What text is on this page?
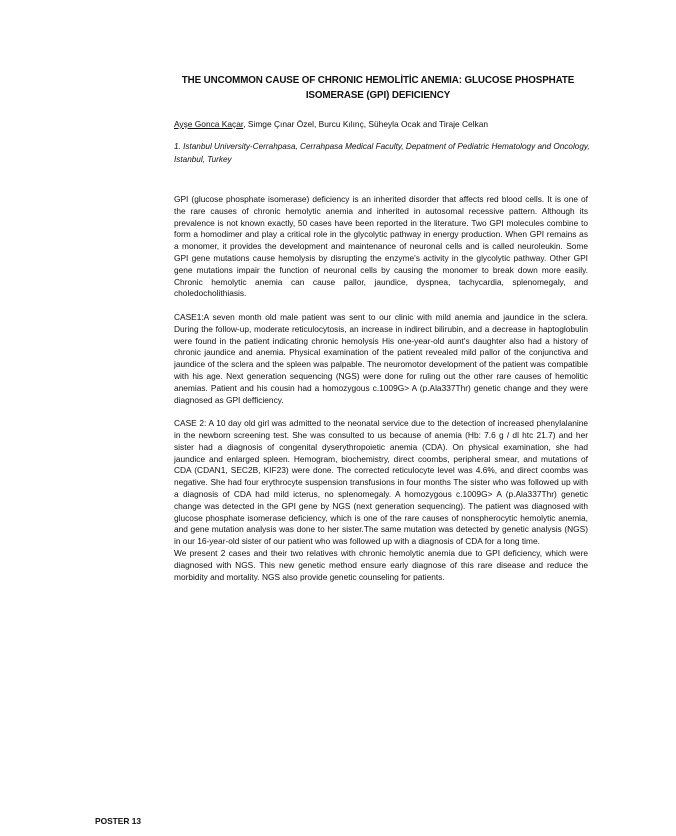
THE UNCOMMON CAUSE OF CHRONIC HEMOLİTİC ANEMIA: GLUCOSE PHOSPHATE ISOMERASE (GPI) DEFICIENCY
Ayşe Gonca Kaçar, Simge Çınar Özel, Burcu Kılınç, Süheyla Ocak and Tiraje Celkan
1. Istanbul University-Cerrahpasa, Cerrahpasa Medical Faculty, Depatment of Pediatric Hematology and Oncology, Istanbul, Turkey

GPI (glucose phosphate isomerase) deficiency is an inherited disorder that affects red blood cells. It is one of the rare causes of chronic hemolytic anemia and inherited in autosomal recessive pattern. Although its prevalence is not known exactly, 50 cases have been reported in the literature. Two GPI molecules combine to form a homodimer and play a critical role in the glycolytic pathway in energy production. When GPI remains as a monomer, it provides the development and maintenance of neuronal cells and is called neuroleukin. Some GPI gene mutations cause hemolysis by disrupting the enzyme's activity in the glycolytic pathway. Other GPI gene mutations impair the function of neuronal cells by causing the monomer to break down more easily. Chronic hemolytic anemia can cause pallor, jaundice, dyspnea, tachycardia, splenomegaly, and choledocholithiasis.

CASE1:A seven month old male patient was sent to our clinic with mild anemia and jaundice in the sclera. During the follow-up, moderate reticulocytosis, an increase in indirect bilirubin, and a decrease in haptoglobulin were found in the patient indicating chronic hemolysis His one-year-old aunt's daughter also had a history of chronic jaundice and anemia. Physical examination of the patient revealed mild pallor of the conjunctiva and jaundice of the sclera and the spleen was palpable. The neuromotor development of the patient was compatible with his age. Next generation sequencing (NGS) were done for ruling out the other rare causes of hemolitic anemias. Patient and his cousin had a homozygous c.1009G> A (p.Ala337Thr) genetic change and they were diagnosed as GPI defficiency.

CASE 2: A 10 day old girl was admitted to the neonatal service due to the detection of increased phenylalanine in the newborn screening test. She was consulted to us because of anemia (Hb: 7.6 g / dl htc 21.7) and her sister had a diagnosis of congenital dyserythropoietic anemia (CDA). On physical examination, she had jaundice and enlarged spleen. Hemogram, biochemistry, direct coombs, peripheral smear, and mutations of CDA (CDAN1, SEC2B, KIF23) were done. The corrected reticulocyte level was 4.6%, and direct coombs was negative. She had four erythrocyte suspension transfusions in four months The sister who was followed up with a diagnosis of CDA had mild icterus, no splenomegaly. A homozygous c.1009G> A (p.Ala337Thr) genetic change was detected in the GPI gene by NGS (next generation sequencing). The patient was diagnosed with glucose phosphate isomerase deficiency, which is one of the rare causes of nonspherocytic hemolytic anemia, and gene mutation analysis was done to her sister.The same mutation was detected by genetic analysis (NGS) in our 16-year-old sister of our patient who was followed up with a diagnosis of CDA for a long time.

We present 2 cases and their two relatives with chronic hemolytic anemia due to GPI deficiency, which were diagnosed with NGS. This new genetic method ensure early diagnose of this rare disease and reduce the morbidity and mortality. NGS also provide genetic counseling for patients.

POSTER 13
